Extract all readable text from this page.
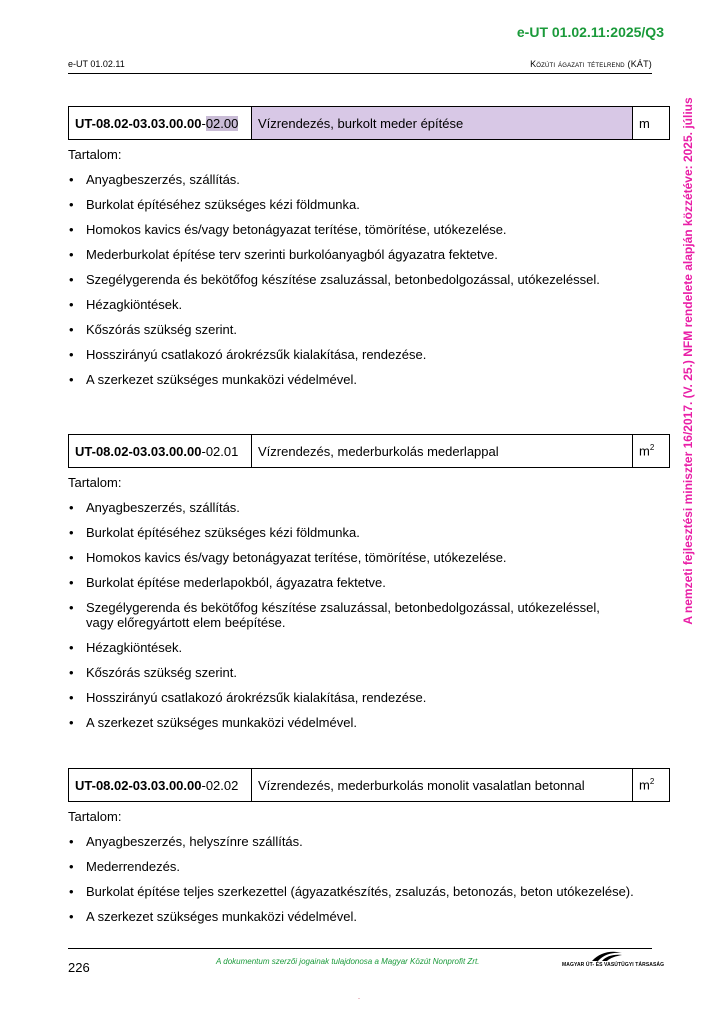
e-UT 01.02.11:2025/Q3
e-UT 01.02.11	Közúti ágazati tételrend (KÁT)
A nemzeti fejlesztési miniszter 16/2017. (V. 25.) NFM rendelete alapján közzétéve: 2025. július
UT-08.02-03.03.00.00-02.00	Vízrendezés, burkolt meder építése	m
Tartalom:
• Anyagbeszerzés, szállítás.
• Burkolat építéséhez szükséges kézi földmunka.
• Homokos kavics és/vagy betonágyazat terítése, tömörítése, utókezelése.
• Mederburkolat építése terv szerinti burkolóanyagból ágyazatra fektetve.
• Szegélygerenda és bekötőfog készítése zsaluzással, betonbedolgozással, utókezeléssel.
• Hézagkiöntések.
• Kőszórás szükség szerint.
• Hosszirányú csatlakozó árokrézsűk kialakítása, rendezése.
• A szerkezet szükséges munkaközi védelmével.
UT-08.02-03.03.00.00-02.01	Vízrendezés, mederburkolás mederlappal	$m^2$
Tartalom:
• Anyagbeszerzés, szállítás.
• Burkolat építéséhez szükséges kézi földmunka.
• Homokos kavics és/vagy betonágyazat terítése, tömörítése, utókezelése.
• Burkolat építése mederlapokból, ágyazatra fektetve.
• Szegélygerenda és bekötőfog készítése zsaluzással, betonbedolgozással, utókezeléssel, vagy előregyártott elem beépítése.
• Hézagkiöntések.
• Kőszórás szükség szerint.
• Hosszirányú csatlakozó árokrézsűk kialakítása, rendezése.
• A szerkezet szükséges munkaközi védelmével.
UT-08.02-03.03.00.00-02.02	Vízrendezés, mederburkolás monolit vasalatlan betonnal	$m^2$
Tartalom:
• Anyagbeszerzés, helyszínre szállítás.
• Mederrendezés.
• Burkolat építése teljes szerkezettel (ágyazatkészítés, zsaluzás, betonozás, beton utókezelése).
• A szerkezet szükséges munkaközi védelmével.
226	A dokumentum szerzői jogainak tulajdonosa a Magyar Közút Nonprofit Zrt.	MAGYAR ÚT- ÉS VASÚTÜGYI TÁRSASÁG
-
